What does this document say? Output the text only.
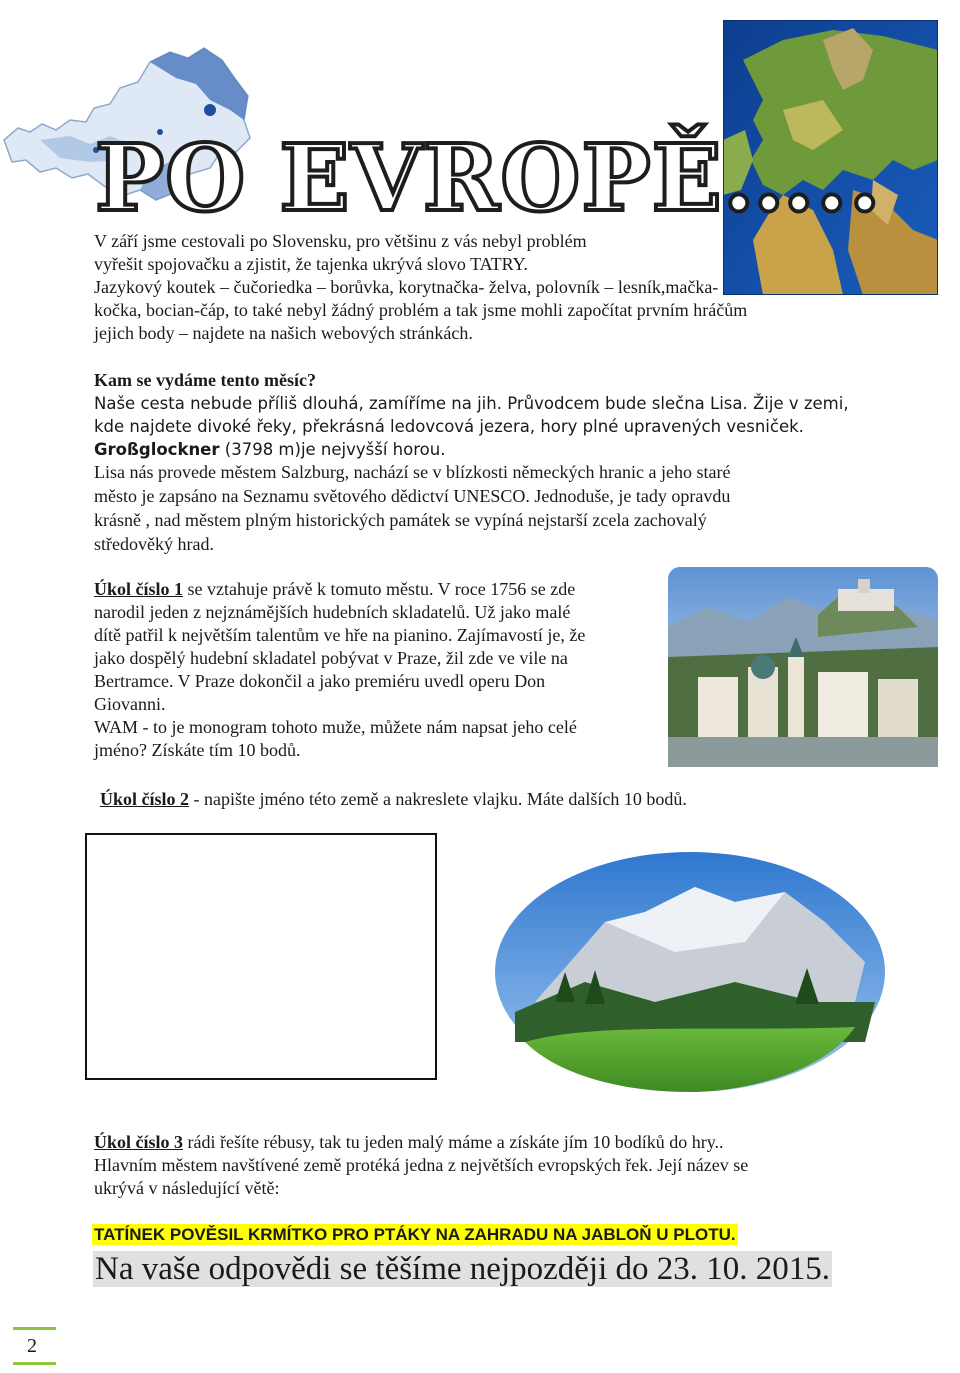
PO EVROPĚ…..

V září jsme cestovali po Slovensku, pro většinu z vás nebyl problém

vyřešit spojovačku a zjistit, že tajenka ukrývá slovo TATRY.

Jazykový koutek – čučoriedka – borůvka, korytnačka- želva, polovník – lesník,mačka-

kočka, bocian-čáp, to také nebyl žádný problém a tak jsme mohli započítat prvním hráčům

jejich body – najdete na našich webových stránkách.

Kam se vydáme tento měsíc?

Naše cesta nebude příliš dlouhá, zamíříme na jih. Průvodcem bude slečna Lisa. Žije v zemi,

kde najdete divoké řeky, překrásná ledovcová jezera, hory plné upravených vesniček.

Großglockner (3798 m)je nejvyšší horou.

Lisa nás provede městem Salzburg, nachází se v blízkosti německých hranic a jeho staré

město je zapsáno na Seznamu světového dědictví UNESCO. Jednoduše, je tady opravdu

krásně , nad městem plným historických památek se vypíná nejstarší zcela zachovalý

středověký hrad.

Úkol číslo 1 se vztahuje právě k tomuto městu. V roce 1756 se zde

narodil jeden z nejznámějších hudebních skladatelů. Už jako malé

dítě patřil k největším talentům ve hře na pianino. Zajímavostí je, že

jako dospělý hudební skladatel pobývat v Praze, žil zde ve vile na

Bertramce. V Praze dokončil a jako premiéru uvedl operu Don

Giovanni.

WAM - to je monogram tohoto muže, můžete nám napsat jeho celé

jméno? Získáte tím 10 bodů.

Úkol číslo 2 - napište jméno této země a nakreslete vlajku. Máte dalších 10 bodů.

Úkol číslo 3 rádi řešíte rébusy, tak tu jeden malý máme a získáte jím 10 bodíků do hry..

Hlavním městem navštívené země protéká jedna z největších evropských řek. Její název se

ukrývá v následující větě:

TATÍNEK POVĚSIL KRMÍTKO PRO PTÁKY NA ZAHRADU NA JABLOŇ U PLOTU.

Na vaše odpovědi se těšíme nejpozději do 23. 10. 2015.

2
